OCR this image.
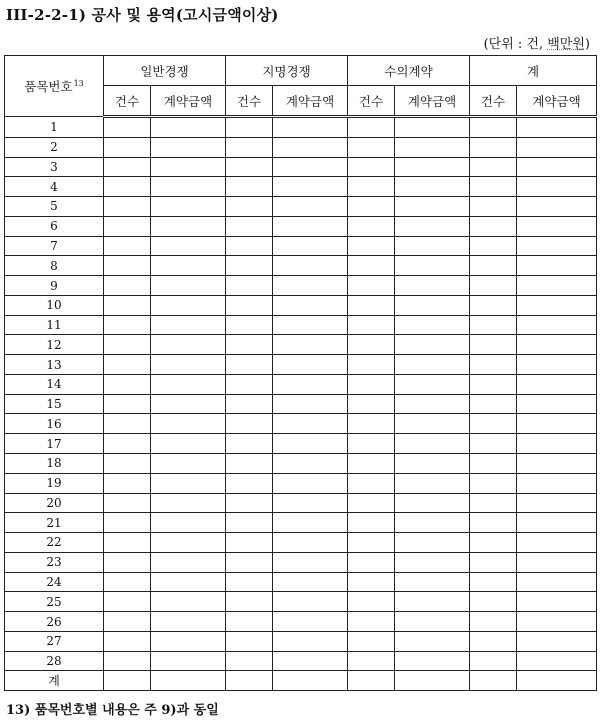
III-2-2-1) 공사 및 용역(고시금액이상)
(단위 : 건, 백만원)
품목번호$^{13}$	일반경쟁		지명경쟁		수의계약		계	
	건수	계약금액	건수	계약금액	건수	계약금액	건수	계약금액
1								
2								
3								
4								
5								
6								
7								
8								
9								
10								
11								
12								
13								
14								
15								
16								
17								
18								
19								
20								
21								
22								
23								
24								
25								
26								
27								
28								
계								
13) 품목번호별 내용은 주 9)과 동일
